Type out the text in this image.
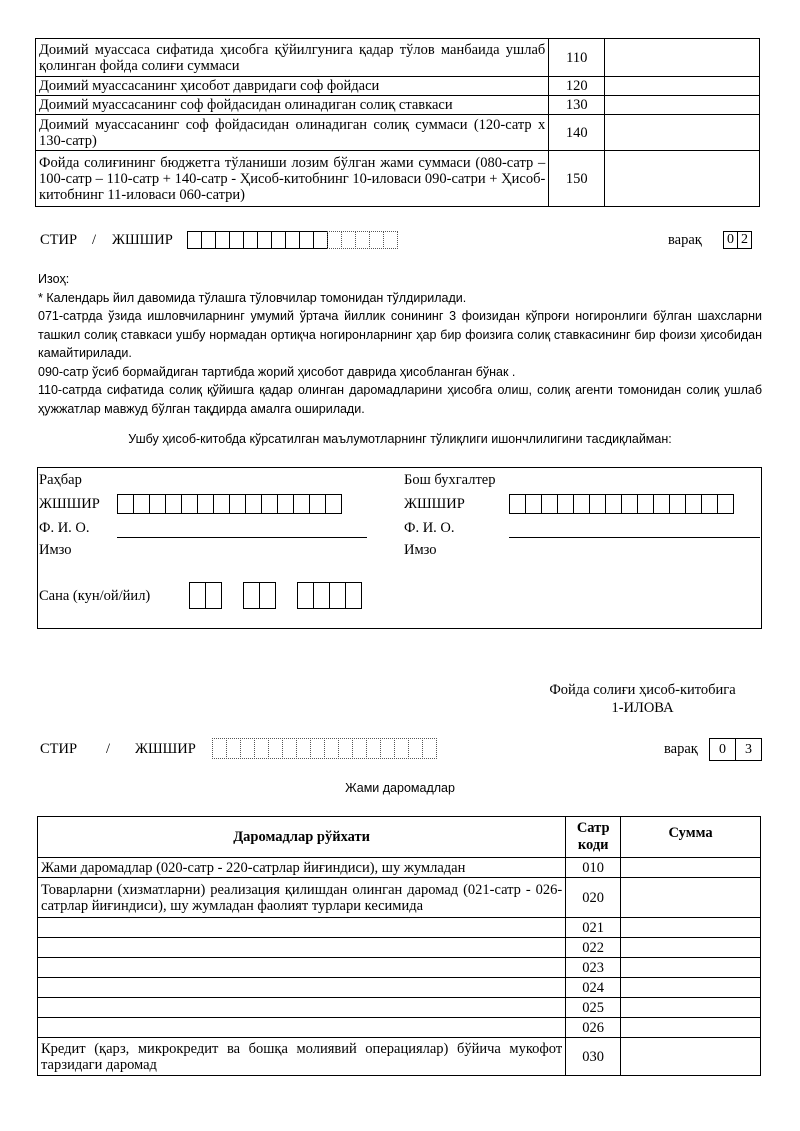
Доимий муассаса сифатида ҳисобга қўйилгунига қадар тўлов манбаида ушлаб қолинган фойда солиғи суммаси	110	
Доимий муассасанинг ҳисобот давридаги соф фойдаси	120	
Доимий муассасанинг соф фойдасидан олинадиган солиқ ставкаси	130	
Доимий муассасанинг соф фойдасидан олинадиган солиқ суммаси (120-сатр х 130-сатр)	140	
Фойда солиғининг бюджетга тўланиши лозим бўлган жами суммаси (080-сатр – 100-сатр – 110-сатр + 140-сатр - Ҳисоб-китобнинг 10-иловаси 090-сатри + Ҳисоб-китобнинг 11-иловаси 060-сатри)	150	
СТИР / ЖШШИР	варақ 0 2

Изоҳ:

* Календарь йил давомида тўлашга тўловчилар томонидан тўлдирилади.

071-сатрда ўзида ишловчиларнинг умумий ўртача йиллик сонининг 3 фоизидан кўпроғи ногиронлиги бўлган шахсларни ташкил солиқ ставкаси ушбу нормадан ортиқча ногиронларнинг ҳар бир фоизига солиқ ставкасининг бир фоизи ҳисобидан камайтирилади.

090-сатр ўсиб бормайдиган тартибда жорий ҳисобот даврида ҳисобланган бўнак .

110-сатрда сифатида солиқ қўйишга қадар олинган даромадларини ҳисобга олиш, солиқ агенти томонидан солиқ ушлаб ҳужжатлар мавжуд бўлган тақдирда амалга оширилади.

Ушбу ҳисоб-китобда кўрсатилган маълумотларнинг тўлиқлиги ишончлилигини тасдиқлайман:
Раҳбар	Бош бухгалтер
ЖШШИР	ЖШШИР
Ф. И. О.	Ф. И. О.
Имзо	Имзо
Сана (кун/ой/йил)
Фойда солиғи ҳисоб-китобига
1-ИЛОВА
СТИР / ЖШШИР	варақ	0 3
Жами даромадлар
Даромадлар рўйхати	Сатр коди	Сумма
Жами даромадлар (020-сатр - 220-сатрлар йиғиндиси), шу жумладан	010	
Товарларни (хизматларни) реализация қилишдан олинган даромад (021-сатр - 026-сатрлар йиғиндиси), шу жумладан фаолият турлари кесимида	020	
	021	
	022	
	023	
	024	
	025	
	026	
Кредит (қарз, микрокредит ва бошқа молиявий операциялар) бўйича мукофот тарзидаги даромад	030	
